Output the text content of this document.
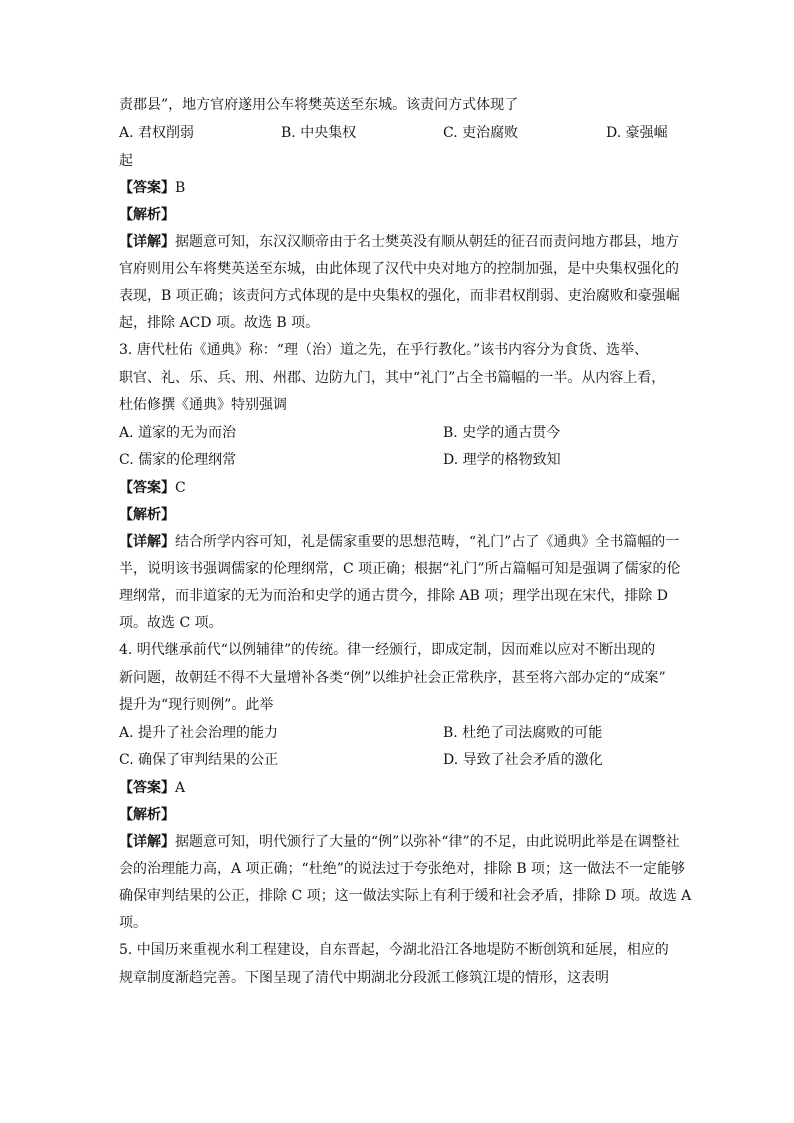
责郡县”，地方官府遂用公车将樊英送至东城。该责问方式体现了
A. 君权削弱	B. 中央集权	C. 吏治腐败	D. 豪强崛
起
【答案】B
【解析】
【详解】据题意可知，东汉汉顺帝由于名士樊英没有顺从朝廷的征召而责问地方郡县，地方
官府则用公车将樊英送至东城，由此体现了汉代中央对地方的控制加强，是中央集权强化的
表现，B 项正确；该责问方式体现的是中央集权的强化，而非君权削弱、吏治腐败和豪强崛
起，排除 ACD 项。故选 B 项。
3. 唐代杜佑《通典》称：“理（治）道之先，在乎行教化。”该书内容分为食货、选举、
职官、礼、乐、兵、刑、州郡、边防九门，其中“礼门”占全书篇幅的一半。从内容上看，
杜佑修撰《通典》特别强调
A. 道家的无为而治	B. 史学的通古贯今
C. 儒家的伦理纲常	D. 理学的格物致知
【答案】C
【解析】
【详解】结合所学内容可知，礼是儒家重要的思想范畴，“礼门”占了《通典》全书篇幅的一
半，说明该书强调儒家的伦理纲常，C 项正确；根据“礼门”所占篇幅可知是强调了儒家的伦
理纲常，而非道家的无为而治和史学的通古贯今，排除 AB 项；理学出现在宋代，排除 D
项。故选 C 项。
4. 明代继承前代“以例辅律”的传统。律一经颁行，即成定制，因而难以应对不断出现的
新问题，故朝廷不得不大量增补各类“例”以维护社会正常秩序，甚至将六部办定的“成案”
提升为“现行则例”。此举
A. 提升了社会治理的能力	B. 杜绝了司法腐败的可能
C. 确保了审判结果的公正	D. 导致了社会矛盾的激化
【答案】A
【解析】
【详解】据题意可知，明代颁行了大量的“例”以弥补“律”的不足，由此说明此举是在调整社
会的治理能力高，A 项正确；“杜绝”的说法过于夸张绝对，排除 B 项；这一做法不一定能够
确保审判结果的公正，排除 C 项；这一做法实际上有利于缓和社会矛盾，排除 D 项。故选 A
项。
5. 中国历来重视水利工程建设，自东晋起，今湖北沿江各地堤防不断创筑和延展，相应的
规章制度渐趋完善。下图呈现了清代中期湖北分段派工修筑江堤的情形，这表明
